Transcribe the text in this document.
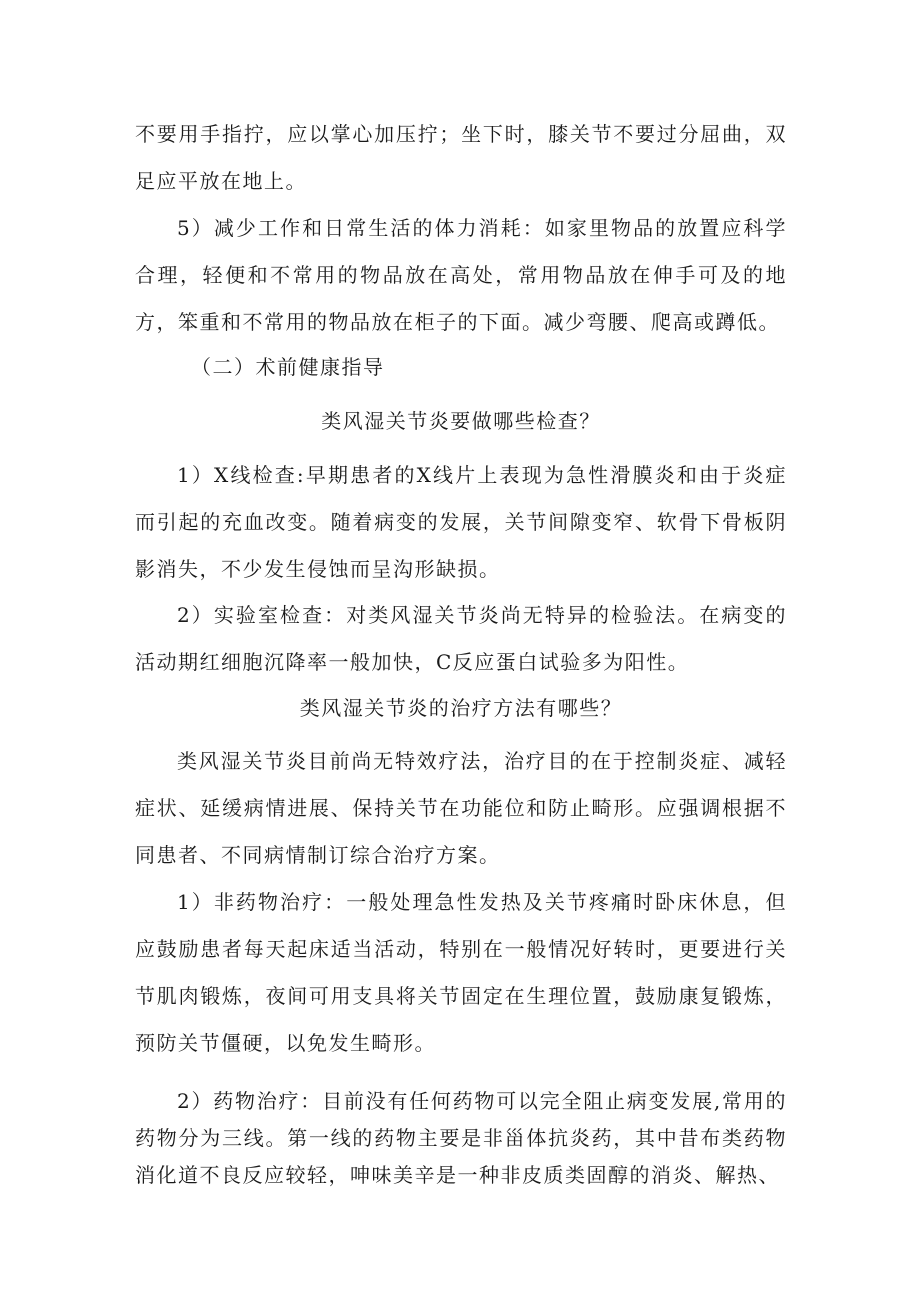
不要用手指拧，应以掌心加压拧；坐下时，膝关节不要过分屈曲，双足应平放在地上。

5）减少工作和日常生活的体力消耗：如家里物品的放置应科学合理，轻便和不常用的物品放在高处，常用物品放在伸手可及的地方，笨重和不常用的物品放在柜子的下面。减少弯腰、爬高或蹲低。

（二）术前健康指导

类风湿关节炎要做哪些检查？

1）X线检查:早期患者的X线片上表现为急性滑膜炎和由于炎症而引起的充血改变。随着病变的发展，关节间隙变窄、软骨下骨板阴影消失，不少发生侵蚀而呈沟形缺损。

2）实验室检查：对类风湿关节炎尚无特异的检验法。在病变的活动期红细胞沉降率一般加快，C反应蛋白试验多为阳性。

类风湿关节炎的治疗方法有哪些？

类风湿关节炎目前尚无特效疗法，治疗目的在于控制炎症、减轻症状、延缓病情进展、保持关节在功能位和防止畸形。应强调根据不同患者、不同病情制订综合治疗方案。

1）非药物治疗：一般处理急性发热及关节疼痛时卧床休息，但应鼓励患者每天起床适当活动，特别在一般情况好转时，更要进行关节肌肉锻炼，夜间可用支具将关节固定在生理位置，鼓励康复锻炼，预防关节僵硬，以免发生畸形。

2）药物治疗：目前没有任何药物可以完全阻止病变发展,常用的药物分为三线。第一线的药物主要是非甾体抗炎药，其中昔布类药物消化道不良反应较轻，呻味美辛是一种非皮质类固醇的消炎、解热、
